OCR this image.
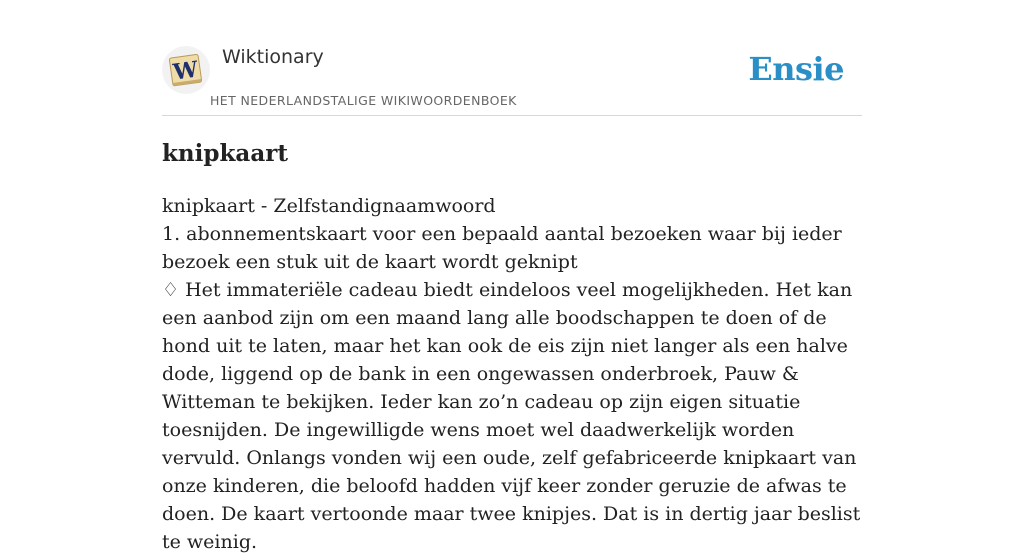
W Wiktionary
HET NEDERLANDSTALIGE WIKIWOORDENBOEK
Ensie
knipkaart

knipkaart - Zelfstandignaamwoord

1. abonnementskaart voor een bepaald aantal bezoeken waar bij ieder bezoek een stuk uit de kaart wordt geknipt

♢ Het immateriële cadeau biedt eindeloos veel mogelijkheden. Het kan een aanbod zijn om een maand lang alle boodschappen te doen of de hond uit te laten, maar het kan ook de eis zijn niet langer als een halve dode, liggend op de bank in een ongewassen onderbroek, Pauw & Witteman te bekijken. Ieder kan zo’n cadeau op zijn eigen situatie toesnijden. De ingewilligde wens moet wel daadwerkelijk worden vervuld. Onlangs vonden wij een oude, zelf gefabriceerde knipkaart van onze kinderen, die beloofd hadden vijf keer zonder geruzie de afwas te doen. De kaart vertoonde maar twee knipjes. Dat is in dertig jaar beslist te weinig.
